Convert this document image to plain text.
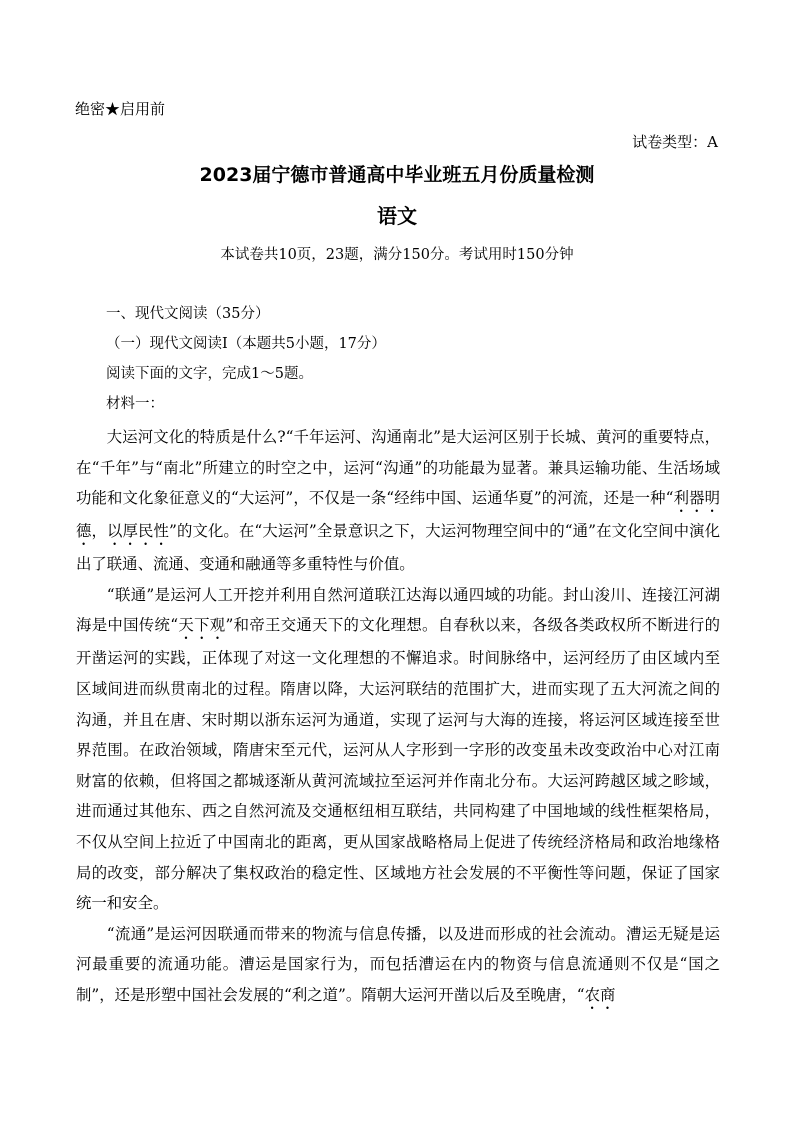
绝密★启用前
试卷类型：A
2023届宁德市普通高中毕业班五月份质量检测
语文
本试卷共10页，23题，满分150分。考试用时150分钟
一、现代文阅读（35分）
（一）现代文阅读Ⅰ（本题共5小题，17分）
阅读下面的文字，完成1～5题。
材料一：

大运河文化的特质是什么?“千年运河、沟通南北”是大运河区别于长城、黄河的重要特点，在“千年”与“南北”所建立的时空之中，运河“沟通”的功能最为显著。兼具运输功能、生活场域功能和文化象征意义的“大运河”，不仅是一条“经纬中国、运通华夏”的河流，还是一种“利器明德，以厚民性”的文化。在“大运河”全景意识之下，大运河物理空间中的“通”在文化空间中演化出了联通、流通、变通和融通等多重特性与价值。

“联通”是运河人工开挖并利用自然河道联江达海以通四域的功能。封山浚川、连接江河湖海是中国传统“天下观”和帝王交通天下的文化理想。自春秋以来，各级各类政权所不断进行的开凿运河的实践，正体现了对这一文化理想的不懈追求。时间脉络中，运河经历了由区域内至区域间进而纵贯南北的过程。隋唐以降，大运河联结的范围扩大，进而实现了五大河流之间的沟通，并且在唐、宋时期以浙东运河为通道，实现了运河与大海的连接，将运河区域连接至世界范围。在政治领域，隋唐宋至元代，运河从人字形到一字形的改变虽未改变政治中心对江南财富的依赖，但将国之都城逐渐从黄河流域拉至运河并作南北分布。大运河跨越区域之畛域，进而通过其他东、西之自然河流及交通枢纽相互联结，共同构建了中国地域的线性框架格局，不仅从空间上拉近了中国南北的距离，更从国家战略格局上促进了传统经济格局和政治地缘格局的改变，部分解决了集权政治的稳定性、区域地方社会发展的不平衡性等问题，保证了国家统一和安全。

“流通”是运河因联通而带来的物流与信息传播，以及进而形成的社会流动。漕运无疑是运河最重要的流通功能。漕运是国家行为，而包括漕运在内的物资与信息流通则不仅是“国之制”，还是形塑中国社会发展的“利之道”。隋朝大运河开凿以后及至晚唐，“农商
